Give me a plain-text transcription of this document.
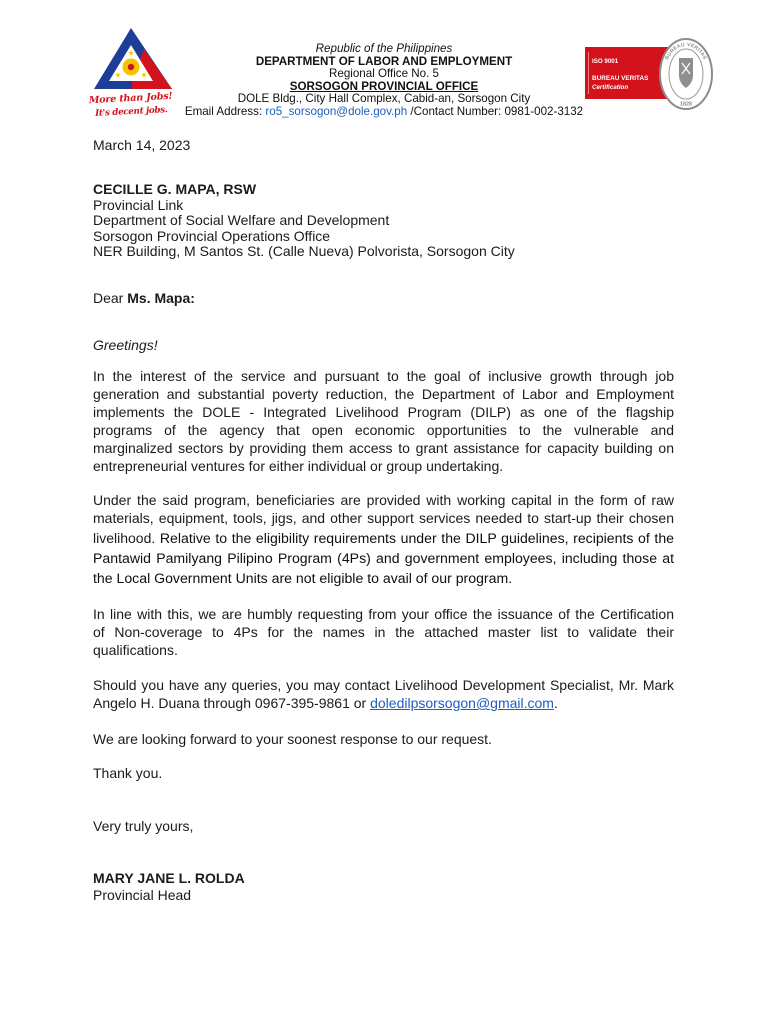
More than Jobs!
It's decent jobs.
Republic of the Philippines
DEPARTMENT OF LABOR AND EMPLOYMENT
Regional Office No. 5
SORSOGON PROVINCIAL OFFICE
DOLE Bldg., City Hall Complex, Cabid-an, Sorsogon City
Email Address: ro5_sorsogon@dole.gov.ph /Contact Number: 0981-002-3132
ISO 9001
BUREAU VERITAS
Certification
BUREAU VERITAS
1828
March 14, 2023
CECILLE G. MAPA, RSW
Provincial Link
Department of Social Welfare and Development
Sorsogon Provincial Operations Office
NER Building, M Santos St. (Calle Nueva) Polvorista, Sorsogon City
Dear Ms. Mapa:
Greetings!
In the interest of the service and pursuant to the goal of inclusive growth through job
generation and substantial poverty reduction, the Department of Labor and Employment
implements the DOLE - Integrated Livelihood Program (DILP) as one of the flagship
programs of the agency that open economic opportunities to the vulnerable and
marginalized sectors by providing them access to grant assistance for capacity building on
entrepreneurial ventures for either individual or group undertaking.
Under the said program, beneficiaries are provided with working capital in the form of raw
materials, equipment, tools, jigs, and other support services needed to start-up their chosen
livelihood. Relative to the eligibility requirements under the DILP guidelines, recipients of the
Pantawid Pamilyang Pilipino Program (4Ps) and government employees, including those at
the Local Government Units are not eligible to avail of our program.
In line with this, we are humbly requesting from your office the issuance of the Certification
of Non-coverage to 4Ps for the names in the attached master list to validate their
qualifications.
Should you have any queries, you may contact Livelihood Development Specialist, Mr. Mark
Angelo H. Duana through 0967-395-9861 or doledilpsorsogon@gmail.com.
We are looking forward to your soonest response to our request.
Thank you.
Very truly yours,
MARY JANE L. ROLDA
Provincial Head
